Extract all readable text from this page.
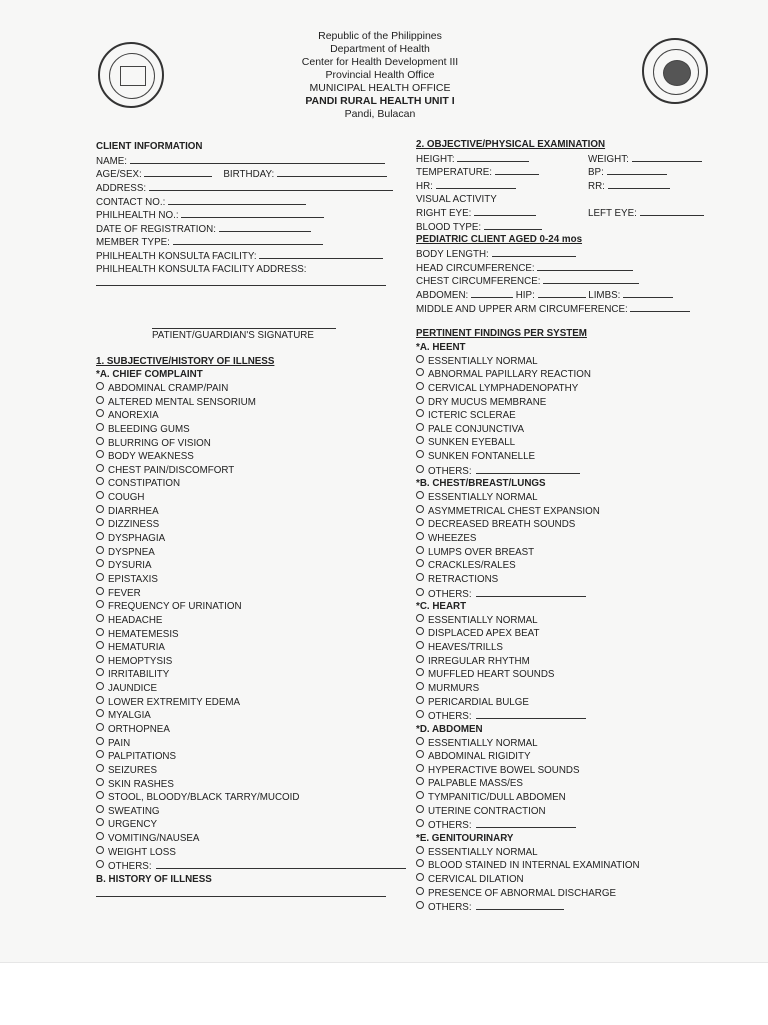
Republic of the Philippines
Department of Health
Center for Health Development III
Provincial Health Office
MUNICIPAL HEALTH OFFICE
PANDI RURAL HEALTH UNIT I
Pandi, Bulacan
CLIENT INFORMATION
NAME:
AGE/SEX:	BIRTHDAY:
ADDRESS:
CONTACT NO.:
PHILHEALTH NO.:
DATE OF REGISTRATION:
MEMBER TYPE:
PHILHEALTH KONSULTA FACILITY:
PHILHEALTH KONSULTA FACILITY ADDRESS:
PATIENT/GUARDIAN'S SIGNATURE
1. SUBJECTIVE/HISTORY OF ILLNESS
*A. CHIEF COMPLAINT
ABDOMINAL CRAMP/PAIN
ALTERED MENTAL SENSORIUM
ANOREXIA
BLEEDING GUMS
BLURRING OF VISION
BODY WEAKNESS
CHEST PAIN/DISCOMFORT
CONSTIPATION
COUGH
DIARRHEA
DIZZINESS
DYSPHAGIA
DYSPNEA
DYSURIA
EPISTAXIS
FEVER
FREQUENCY OF URINATION
HEADACHE
HEMATEMESIS
HEMATURIA
HEMOPTYSIS
IRRITABILITY
JAUNDICE
LOWER EXTREMITY EDEMA
MYALGIA
ORTHOPNEA
PAIN
PALPITATIONS
SEIZURES
SKIN RASHES
STOOL, BLOODY/BLACK TARRY/MUCOID
SWEATING
URGENCY
VOMITING/NAUSEA
WEIGHT LOSS
OTHERS:
B. HISTORY OF ILLNESS
2. OBJECTIVE/PHYSICAL EXAMINATION
HEIGHT:	WEIGHT:
TEMPERATURE:	BP:
HR:	RR:
VISUAL ACTIVITY
RIGHT EYE:	LEFT EYE:
BLOOD TYPE:
PEDIATRIC CLIENT AGED 0-24 mos
BODY LENGTH:
HEAD CIRCUMFERENCE:
CHEST CIRCUMFERENCE:
ABDOMEN:	HIP:	LIMBS:
MIDDLE AND UPPER ARM CIRCUMFERENCE:
PERTINENT FINDINGS PER SYSTEM
*A. HEENT
ESSENTIALLY NORMAL
ABNORMAL PAPILLARY REACTION
CERVICAL LYMPHADENOPATHY
DRY MUCUS MEMBRANE
ICTERIC SCLERAE
PALE CONJUNCTIVA
SUNKEN EYEBALL
SUNKEN FONTANELLE
OTHERS:
*B. CHEST/BREAST/LUNGS
ESSENTIALLY NORMAL
ASYMMETRICAL CHEST EXPANSION
DECREASED BREATH SOUNDS
WHEEZES
LUMPS OVER BREAST
CRACKLES/RALES
RETRACTIONS
OTHERS:
*C. HEART
ESSENTIALLY NORMAL
DISPLACED APEX BEAT
HEAVES/TRILLS
IRREGULAR RHYTHM
MUFFLED HEART SOUNDS
MURMURS
PERICARDIAL BULGE
OTHERS:
*D. ABDOMEN
ESSENTIALLY NORMAL
ABDOMINAL RIGIDITY
HYPERACTIVE BOWEL SOUNDS
PALPABLE MASS/ES
TYMPANITIC/DULL ABDOMEN
UTERINE CONTRACTION
OTHERS:
*E. GENITOURINARY
ESSENTIALLY NORMAL
BLOOD STAINED IN INTERNAL EXAMINATION
CERVICAL DILATION
PRESENCE OF ABNORMAL DISCHARGE
OTHERS:
